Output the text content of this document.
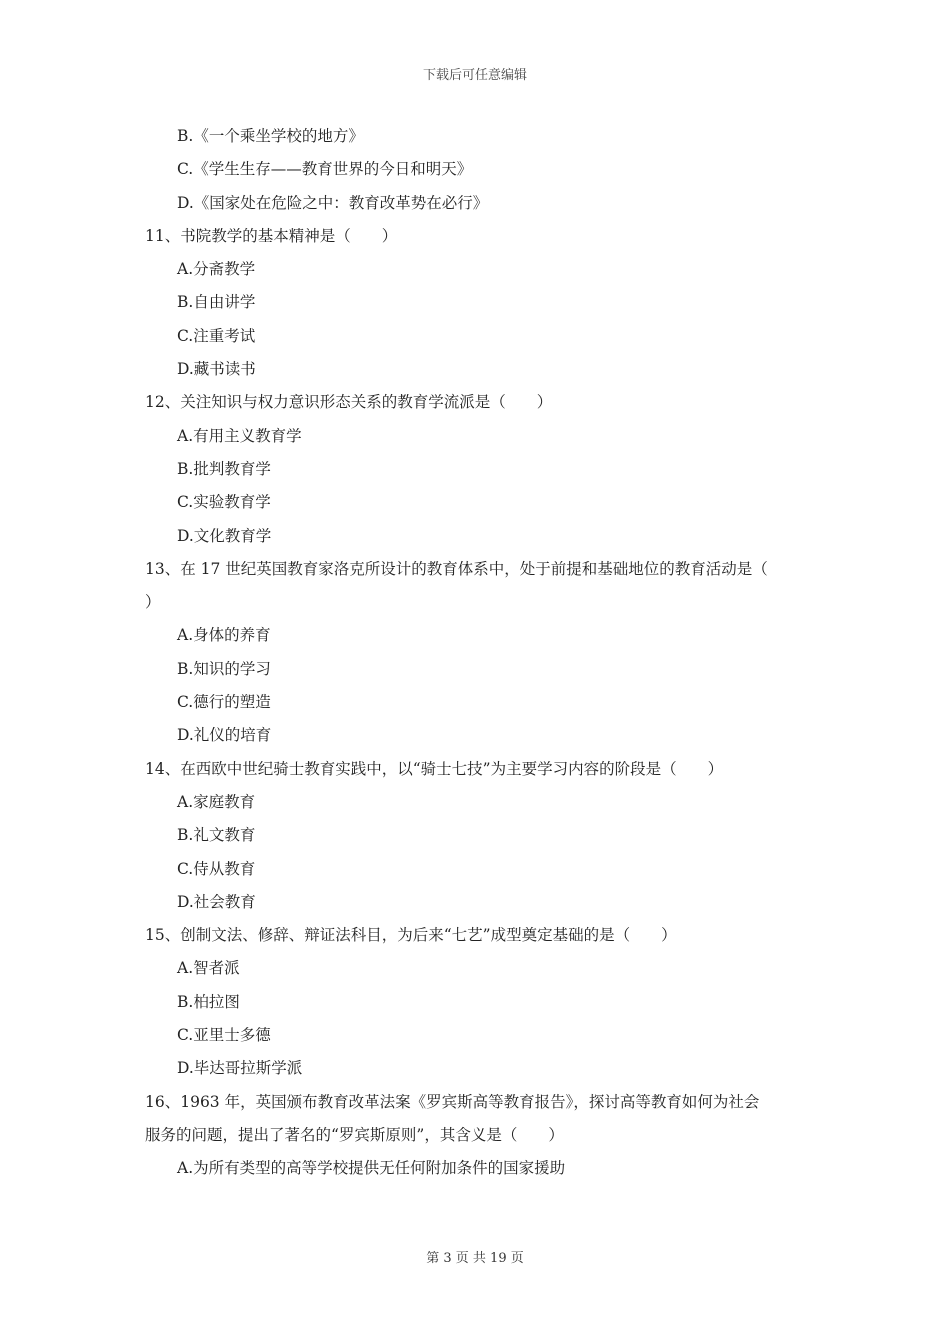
下载后可任意编辑
B.《一个乘坐学校的地方》
C.《学生生存——教育世界的今日和明天》
D.《国家处在危险之中：教育改革势在必行》
11、书院教学的基本精神是（　　）
A.分斋教学
B.自由讲学
C.注重考试
D.藏书读书
12、关注知识与权力意识形态关系的教育学流派是（　　）
A.有用主义教育学
B.批判教育学
C.实验教育学
D.文化教育学
13、在 17 世纪英国教育家洛克所设计的教育体系中，处于前提和基础地位的教育活动是（
）
A.身体的养育
B.知识的学习
C.德行的塑造
D.礼仪的培育
14、在西欧中世纪骑士教育实践中，以“骑士七技”为主要学习内容的阶段是（　　）
A.家庭教育
B.礼文教育
C.侍从教育
D.社会教育
15、创制文法、修辞、辩证法科目，为后来“七艺”成型奠定基础的是（　　）
A.智者派
B.柏拉图
C.亚里士多德
D.毕达哥拉斯学派
16、1963 年，英国颁布教育改革法案《罗宾斯高等教育报告》，探讨高等教育如何为社会
服务的问题，提出了著名的“罗宾斯原则”，其含义是（　　）
A.为所有类型的高等学校提供无任何附加条件的国家援助
第 3 页 共 19 页
